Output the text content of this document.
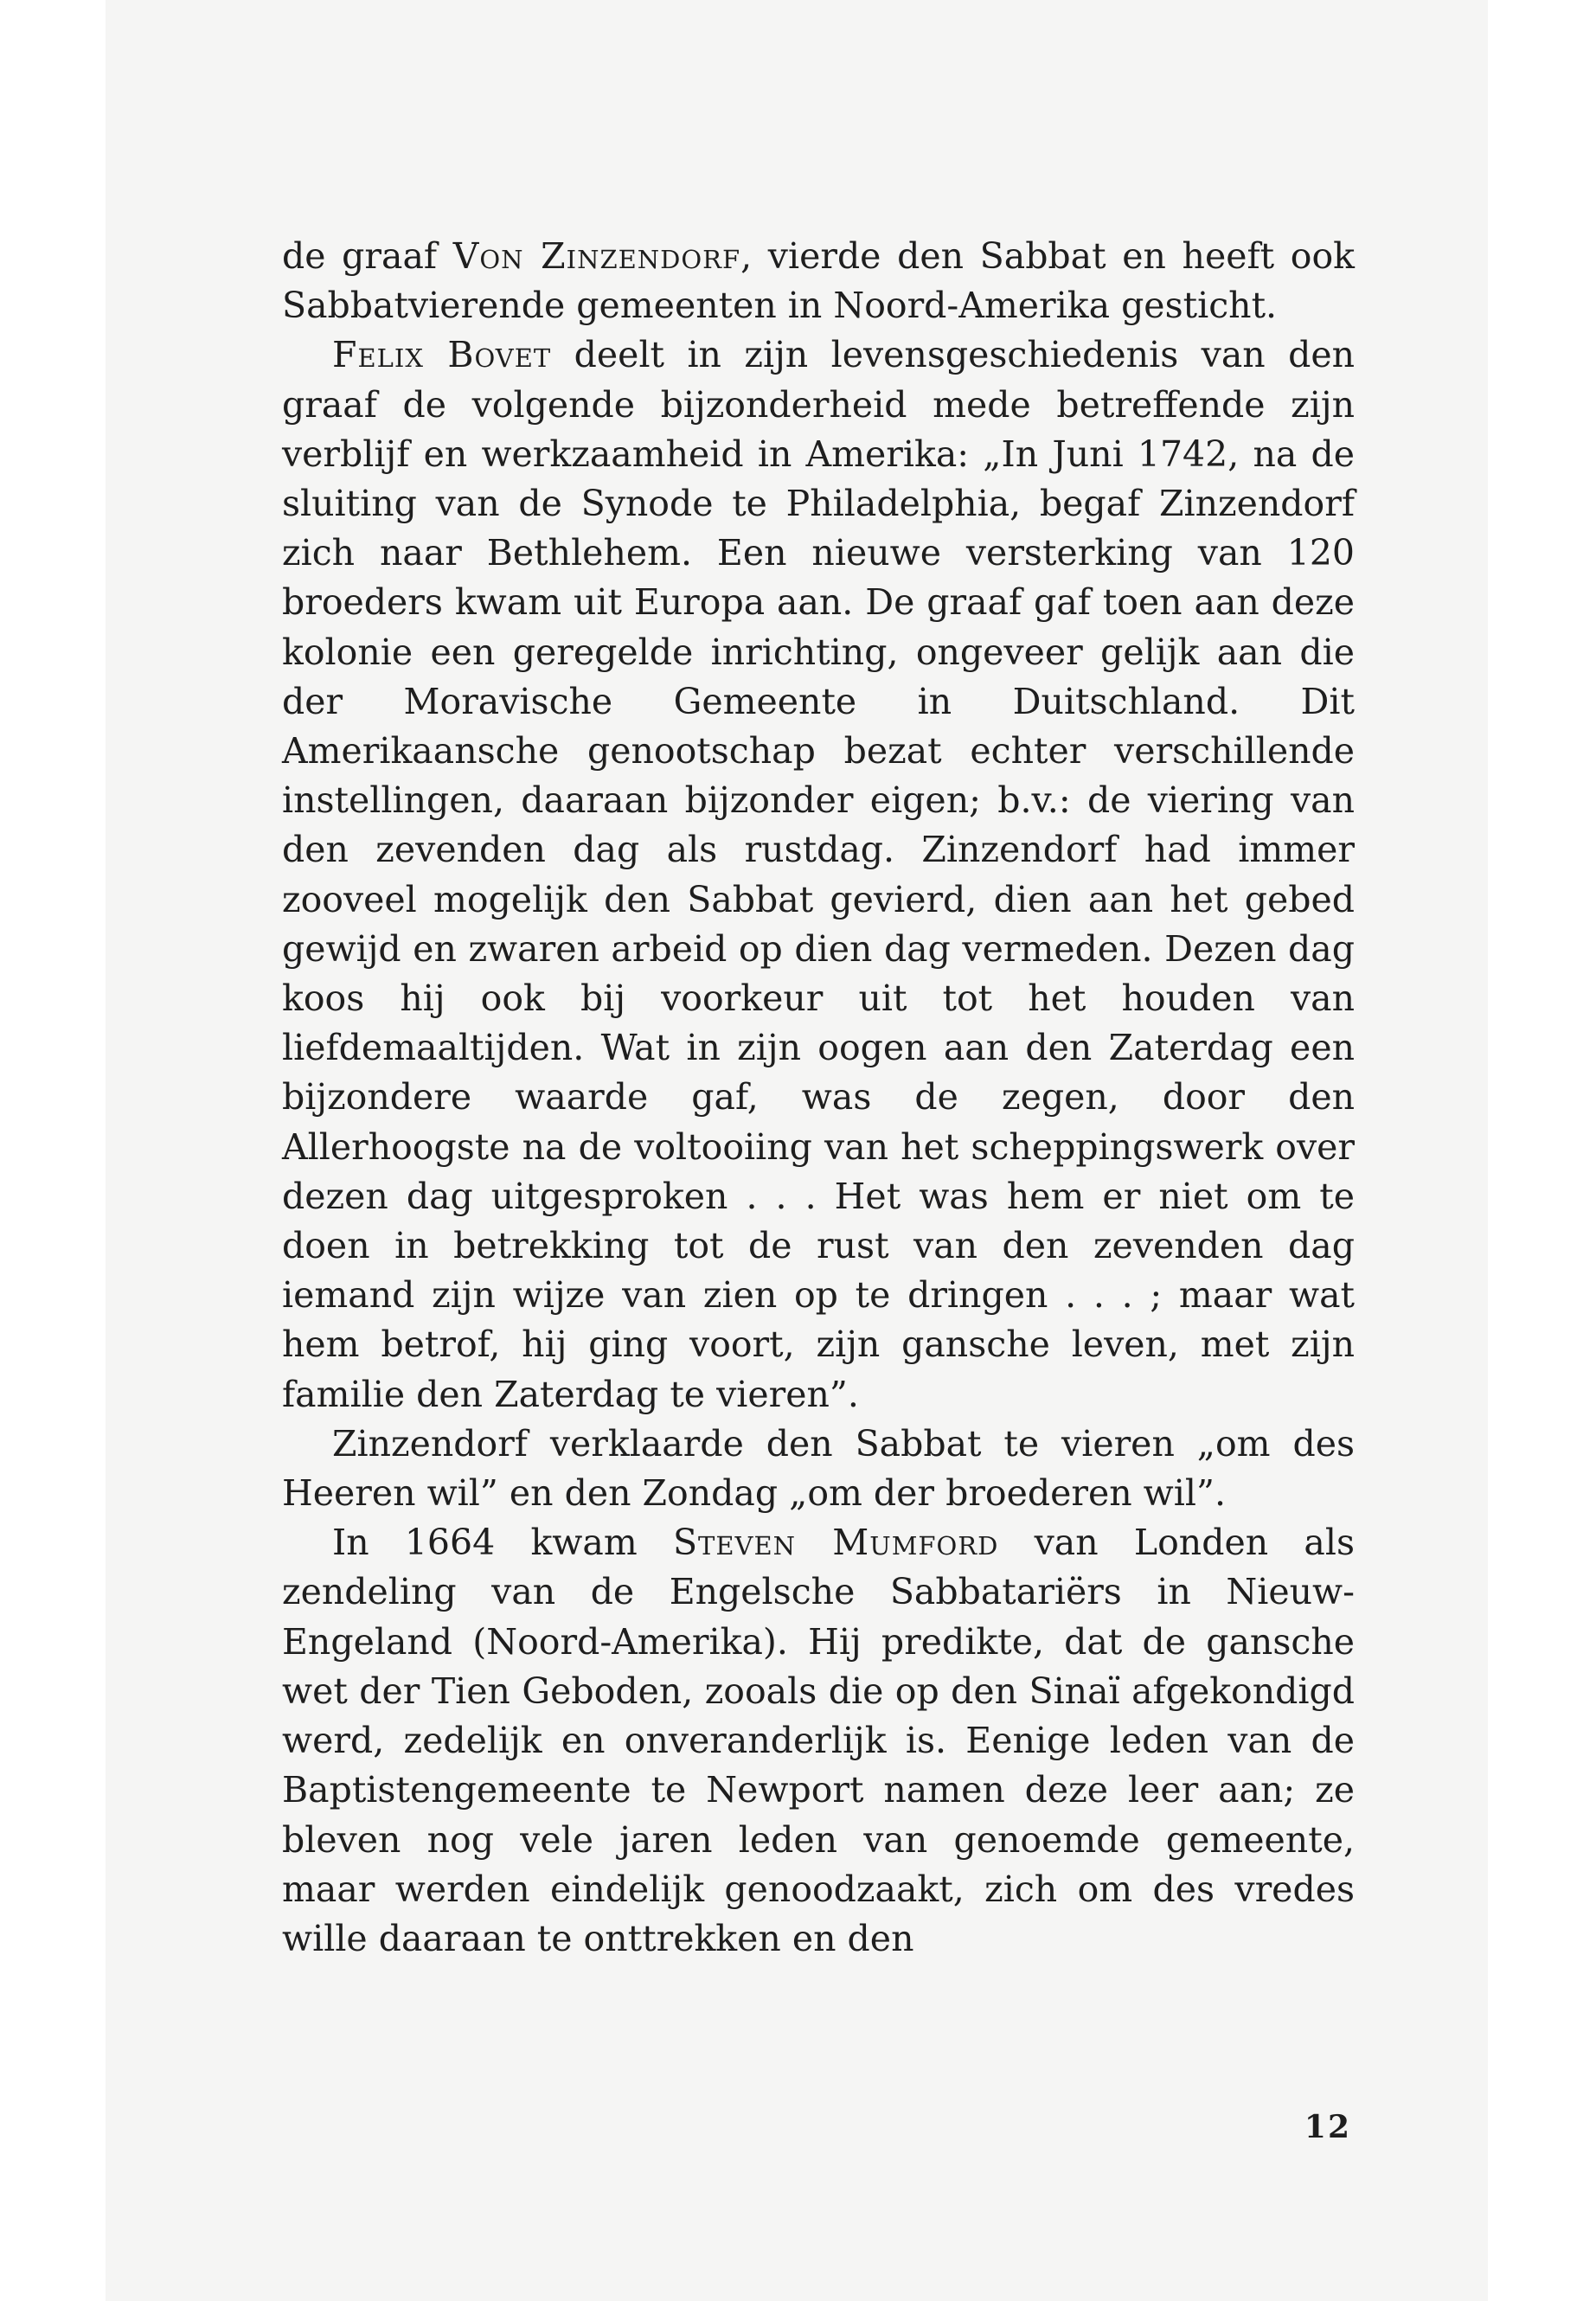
de graaf Von Zinzendorf, vierde den Sabbat en heeft ook Sabbatvierende gemeenten in Noord-Amerika gesticht.

Felix Bovet deelt in zijn levensgeschiedenis van den graaf de volgende bijzonderheid mede betreffende zijn verblijf en werkzaamheid in Amerika: „In Juni 1742, na de sluiting van de Synode te Philadelphia, begaf Zinzendorf zich naar Bethlehem. Een nieuwe versterking van 120 broeders kwam uit Europa aan. De graaf gaf toen aan deze kolonie een geregelde inrichting, ongeveer gelijk aan die der Moravische Gemeente in Duitschland. Dit Amerikaansche genootschap bezat echter verschillende instellingen, daaraan bijzonder eigen; b.v.: de viering van den zevenden dag als rustdag. Zinzendorf had immer zooveel mogelijk den Sabbat gevierd, dien aan het gebed gewijd en zwaren arbeid op dien dag vermeden. Dezen dag koos hij ook bij voorkeur uit tot het houden van liefdemaaltijden. Wat in zijn oogen aan den Zaterdag een bijzondere waarde gaf, was de zegen, door den Allerhoogste na de voltooiing van het scheppingswerk over dezen dag uitgesproken . . . Het was hem er niet om te doen in betrekking tot de rust van den zevenden dag iemand zijn wijze van zien op te dringen . . . ; maar wat hem betrof, hij ging voort, zijn gansche leven, met zijn familie den Zaterdag te vieren”.

Zinzendorf verklaarde den Sabbat te vieren „om des Heeren wil” en den Zondag „om der broederen wil”.

In 1664 kwam Steven Mumford van Londen als zendeling van de Engelsche Sabbatariërs in Nieuw-Engeland (Noord-Amerika). Hij predikte, dat de gansche wet der Tien Geboden, zooals die op den Sinaï afgekondigd werd, zedelijk en onveranderlijk is. Eenige leden van de Baptistengemeente te Newport namen deze leer aan; ze bleven nog vele jaren leden van genoemde gemeente, maar werden eindelijk genoodzaakt, zich om des vredes wille daaraan te onttrekken en den

12
